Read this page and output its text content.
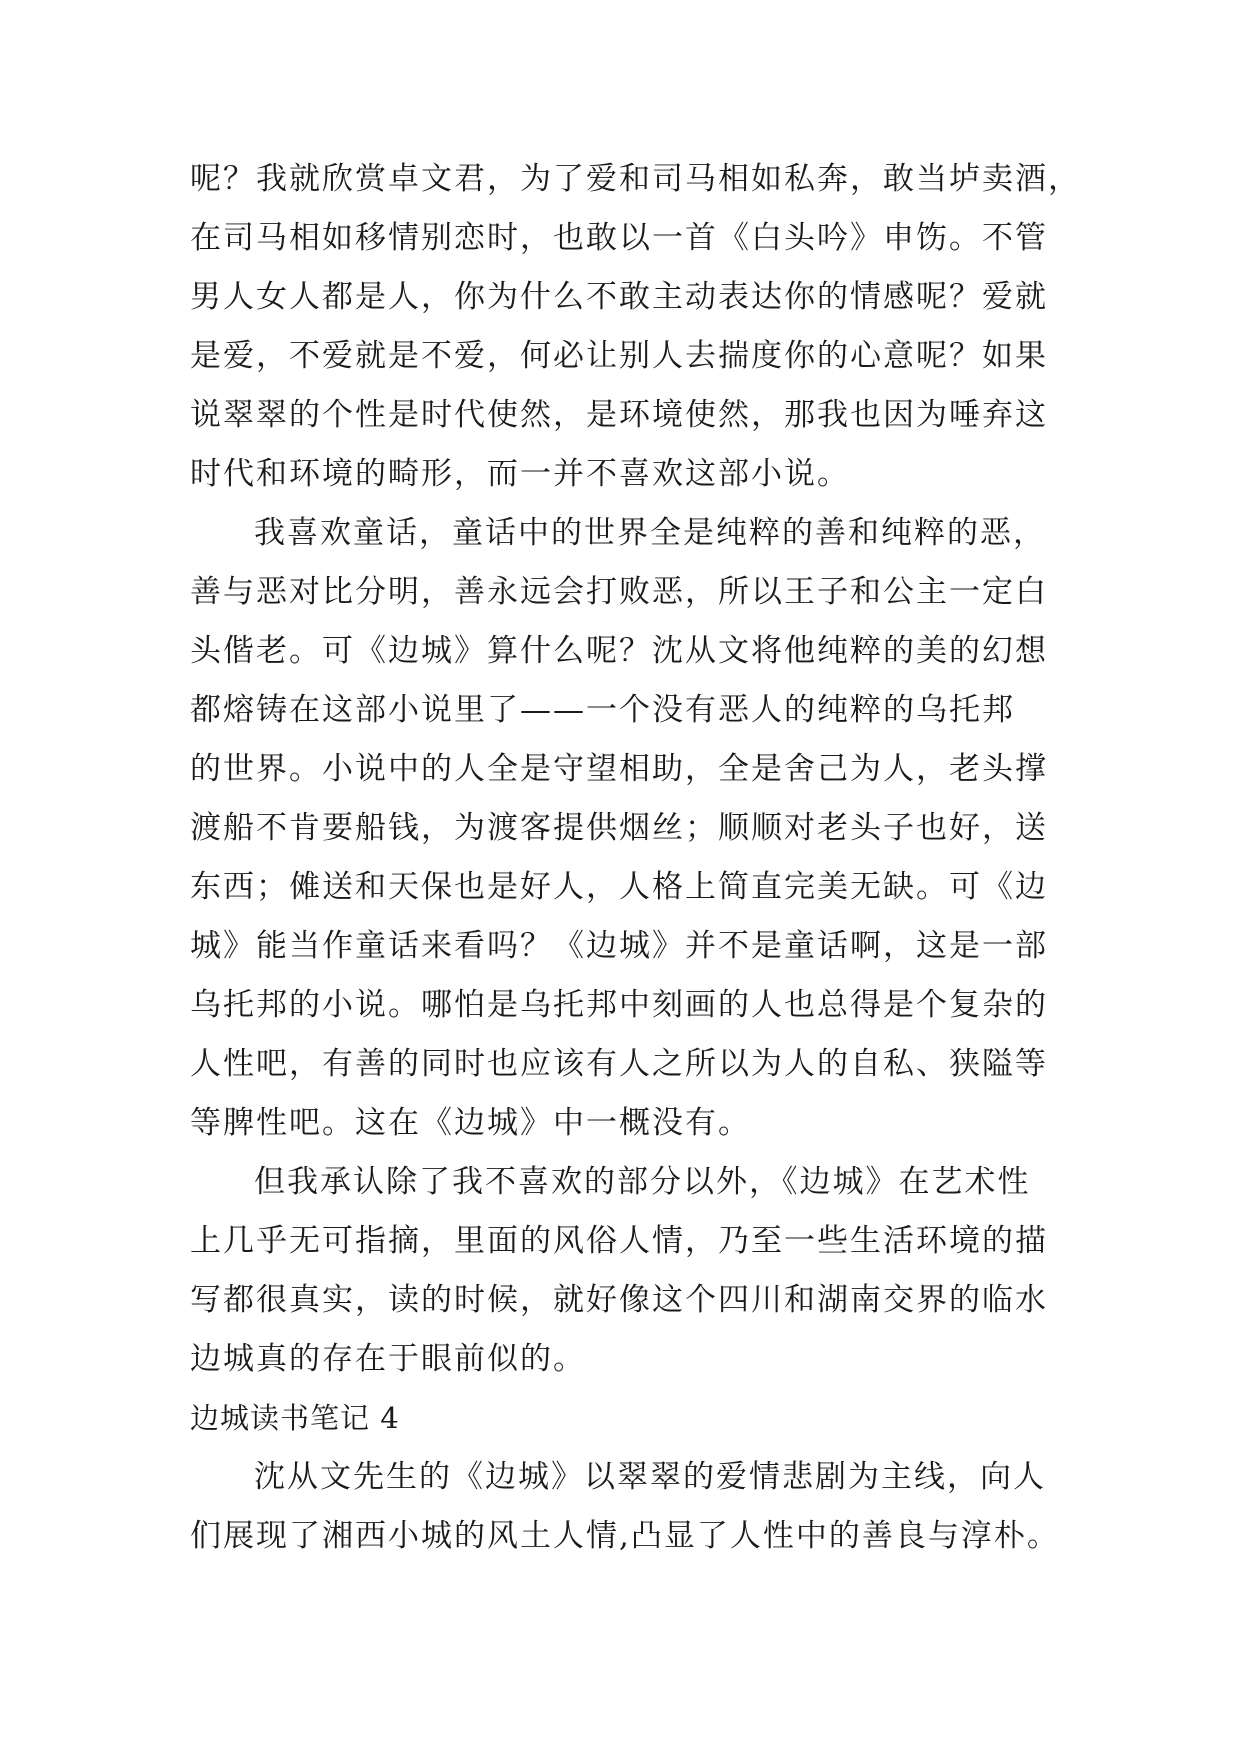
呢？我就欣赏卓文君，为了爱和司马相如私奔，敢当垆卖酒，
在司马相如移情别恋时，也敢以一首《白头吟》申饬。不管
男人女人都是人，你为什么不敢主动表达你的情感呢？爱就
是爱，不爱就是不爱，何必让别人去揣度你的心意呢？如果
说翠翠的个性是时代使然，是环境使然，那我也因为唾弃这
时代和环境的畸形，而一并不喜欢这部小说。
我喜欢童话，童话中的世界全是纯粹的善和纯粹的恶，
善与恶对比分明，善永远会打败恶，所以王子和公主一定白
头偕老。可《边城》算什么呢？沈从文将他纯粹的美的幻想
都熔铸在这部小说里了——一个没有恶人的纯粹的乌托邦
的世界。小说中的人全是守望相助，全是舍己为人，老头撑
渡船不肯要船钱，为渡客提供烟丝；顺顺对老头子也好，送
东西；傩送和天保也是好人，人格上简直完美无缺。可《边
城》能当作童话来看吗？《边城》并不是童话啊，这是一部
乌托邦的小说。哪怕是乌托邦中刻画的人也总得是个复杂的
人性吧，有善的同时也应该有人之所以为人的自私、狭隘等
等脾性吧。这在《边城》中一概没有。
但我承认除了我不喜欢的部分以外，《边城》在艺术性
上几乎无可指摘，里面的风俗人情，乃至一些生活环境的描
写都很真实，读的时候，就好像这个四川和湖南交界的临水
边城真的存在于眼前似的。
边城读书笔记 4
沈从文先生的《边城》以翠翠的爱情悲剧为主线，向人
们展现了湘西小城的风土人情,凸显了人性中的善良与淳朴。
